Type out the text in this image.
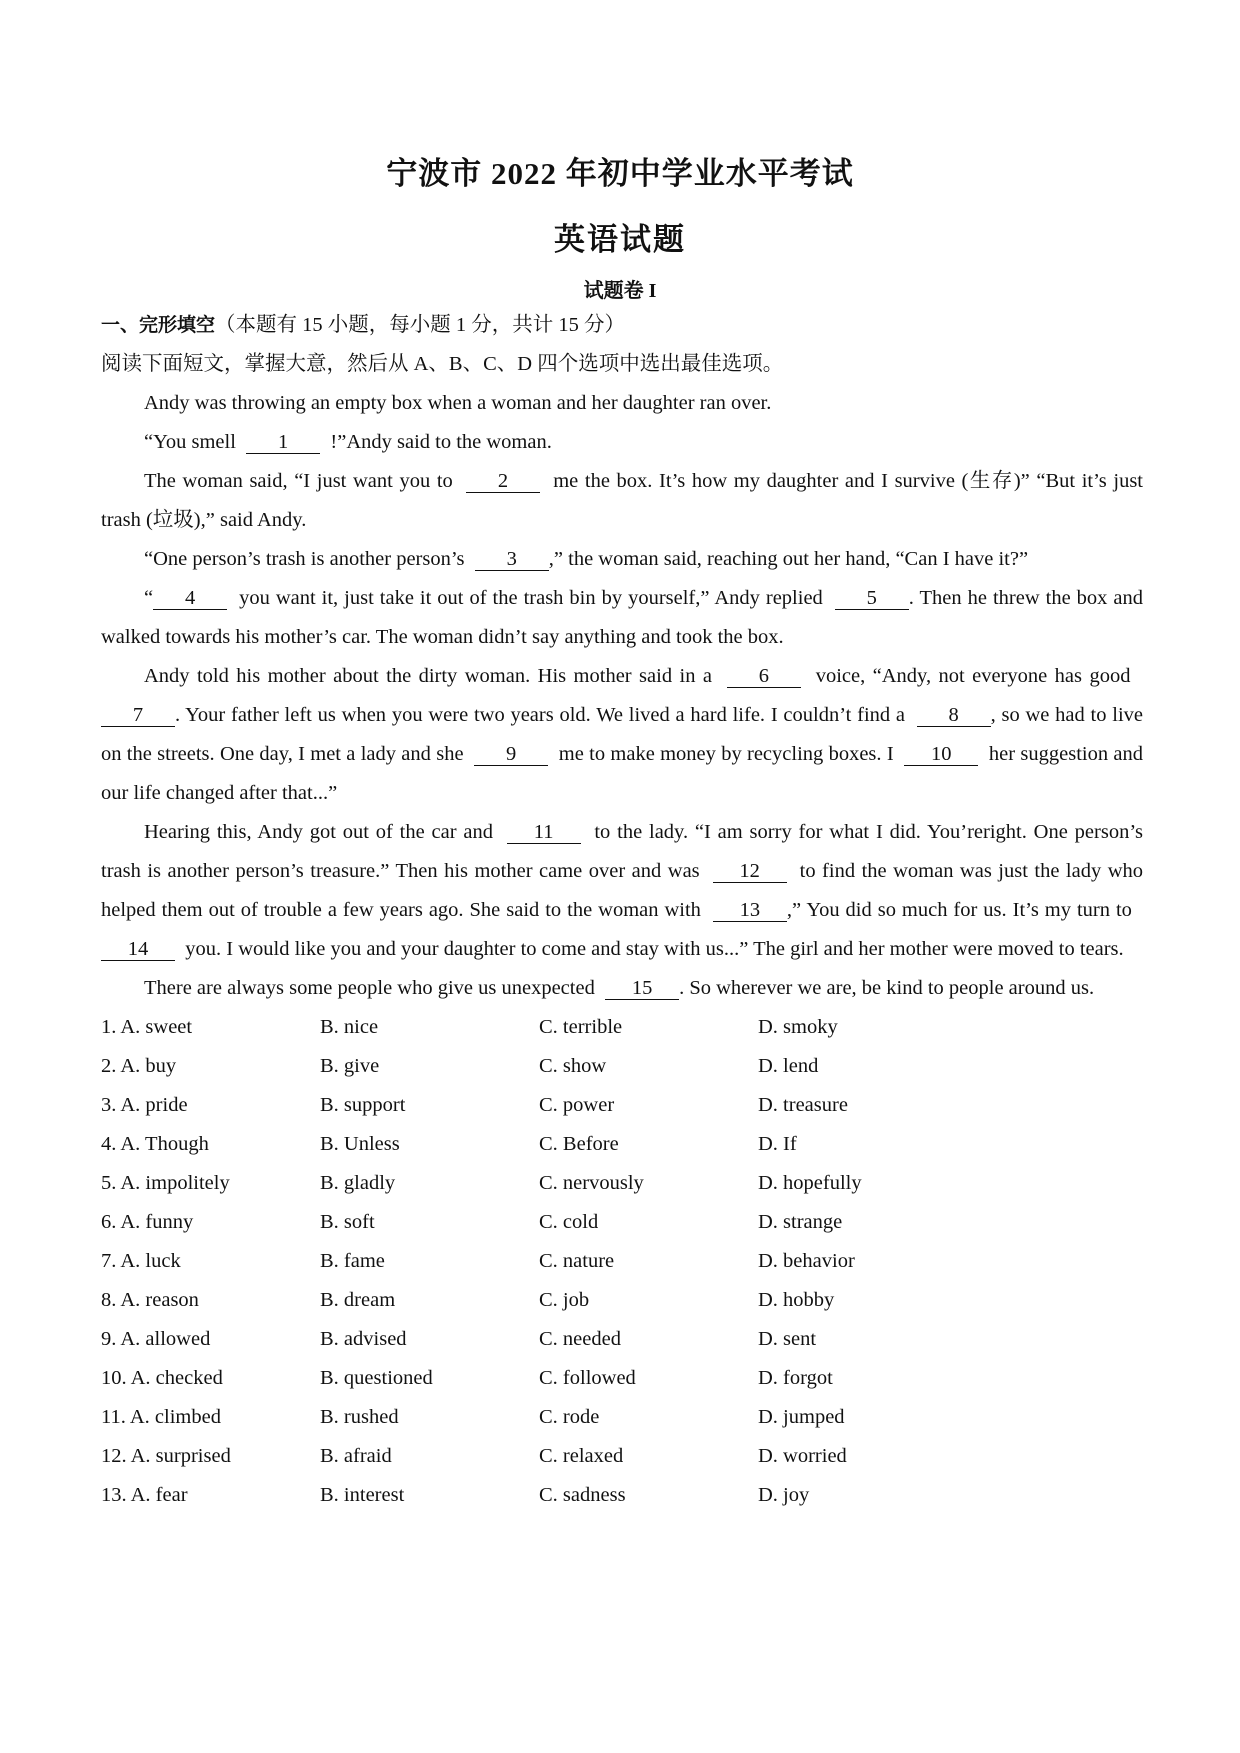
宁波市 2022 年初中学业水平考试
英语试题
试题卷 I

一、完形填空（本题有 15 小题，每小题 1 分，共计 15 分）

阅读下面短文，掌握大意，然后从 A、B、C、D 四个选项中选出最佳选项。

Andy was throwing an empty box when a woman and her daughter ran over.

“You smell 1 !”Andy said to the woman.

The woman said, “I just want you to 2 me the box. It’s how my daughter and I survive (生存)” “But it’s just trash (垃圾),” said Andy.

“One person’s trash is another person’s 3 ,” the woman said, reaching out her hand, “Can I have it?”

“ 4 you want it, just take it out of the trash bin by yourself,” Andy replied 5 . Then he threw the box and walked towards his mother’s car. The woman didn’t say anything and took the box.

Andy told his mother about the dirty woman. His mother said in a 6 voice, “Andy, not everyone has good  7 . Your father left us when you were two years old. We lived a hard life. I couldn’t find a 8 , so we had to live on the streets. One day, I met a lady and she 9 me to make money by recycling boxes. I 10 her suggestion and our life changed after that...”

Hearing this, Andy got out of the car and 11 to the lady. “I am sorry for what I did. You’reright. One person’s trash is another person’s treasure.” Then his mother came over and was 12 to find the woman was just the lady who helped them out of trouble a few years ago. She said to the woman with 13 ,” You did so much for us. It’s my turn to  14 you. I would like you and your daughter to come and stay with us...” The girl and her mother were moved to tears.

There are always some people who give us unexpected 15 . So wherever we are, be kind to people around us.

1. A. sweet	B. nice	C. terrible	D. smoky
2. A. buy	B. give	C. show	D. lend
3. A. pride	B. support	C. power	D. treasure
4. A. Though	B. Unless	C. Before	D. If
5. A. impolitely	B. gladly	C. nervously	D. hopefully
6. A. funny	B. soft	C. cold	D. strange
7. A. luck	B. fame	C. nature	D. behavior
8. A. reason	B. dream	C. job	D. hobby
9. A. allowed	B. advised	C. needed	D. sent
10. A. checked	B. questioned	C. followed	D. forgot
11. A. climbed	B. rushed	C. rode	D. jumped
12. A. surprised	B. afraid	C. relaxed	D. worried
13. A. fear	B. interest	C. sadness	D. joy
